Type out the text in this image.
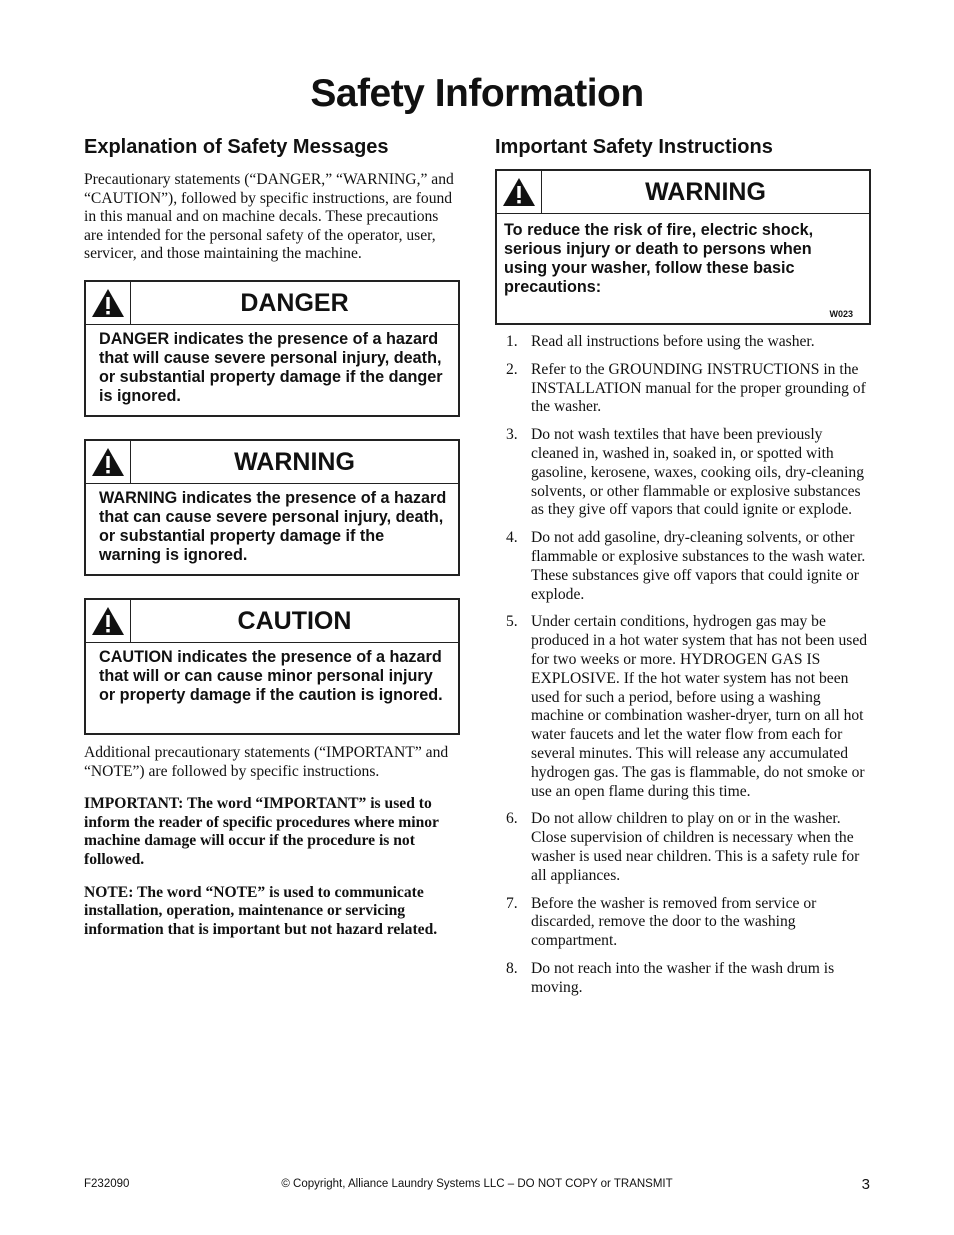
Safety Information
Explanation of Safety Messages

Precautionary statements (“DANGER,” “WARNING,” and “CAUTION”), followed by specific instructions, are found in this manual and on machine decals. These precautions are intended for the personal safety of the operator, user, servicer, and those maintaining the machine.

DANGER
DANGER indicates the presence of a hazard that will cause severe personal injury, death, or substantial property damage if the danger is ignored.
WARNING
WARNING indicates the presence of a hazard that can cause severe personal injury, death, or substantial property damage if the warning is ignored.
CAUTION
CAUTION indicates the presence of a hazard that will or can cause minor personal injury or property damage if the caution is ignored.

Additional precautionary statements (“IMPORTANT” and “NOTE”) are followed by specific instructions.

IMPORTANT: The word “IMPORTANT” is used to inform the reader of specific procedures where minor machine damage will occur if the procedure is not followed.

NOTE: The word “NOTE” is used to communicate installation, operation, maintenance or servicing information that is important but not hazard related.

Important Safety Instructions
WARNING
To reduce the risk of fire, electric shock, serious injury or death to persons when using your washer, follow these basic precautions:
W023
1. Read all instructions before using the washer.
2. Refer to the GROUNDING INSTRUCTIONS in the INSTALLATION manual for the proper grounding of the washer.
3. Do not wash textiles that have been previously cleaned in, washed in, soaked in, or spotted with gasoline, kerosene, waxes, cooking oils, dry-cleaning solvents, or other flammable or explosive substances as they give off vapors that could ignite or explode.
4. Do not add gasoline, dry-cleaning solvents, or other flammable or explosive substances to the wash water. These substances give off vapors that could ignite or explode.
5. Under certain conditions, hydrogen gas may be produced in a hot water system that has not been used for two weeks or more. HYDROGEN GAS IS EXPLOSIVE. If the hot water system has not been used for such a period, before using a washing machine or combination washer-dryer, turn on all hot water faucets and let the water flow from each for several minutes. This will release any accumulated hydrogen gas. The gas is flammable, do not smoke or use an open flame during this time.
6. Do not allow children to play on or in the washer. Close supervision of children is necessary when the washer is used near children. This is a safety rule for all appliances.
7. Before the washer is removed from service or discarded, remove the door to the washing compartment.
8. Do not reach into the washer if the wash drum is moving.
F232090	© Copyright, Alliance Laundry Systems LLC – DO NOT COPY or TRANSMIT	3
